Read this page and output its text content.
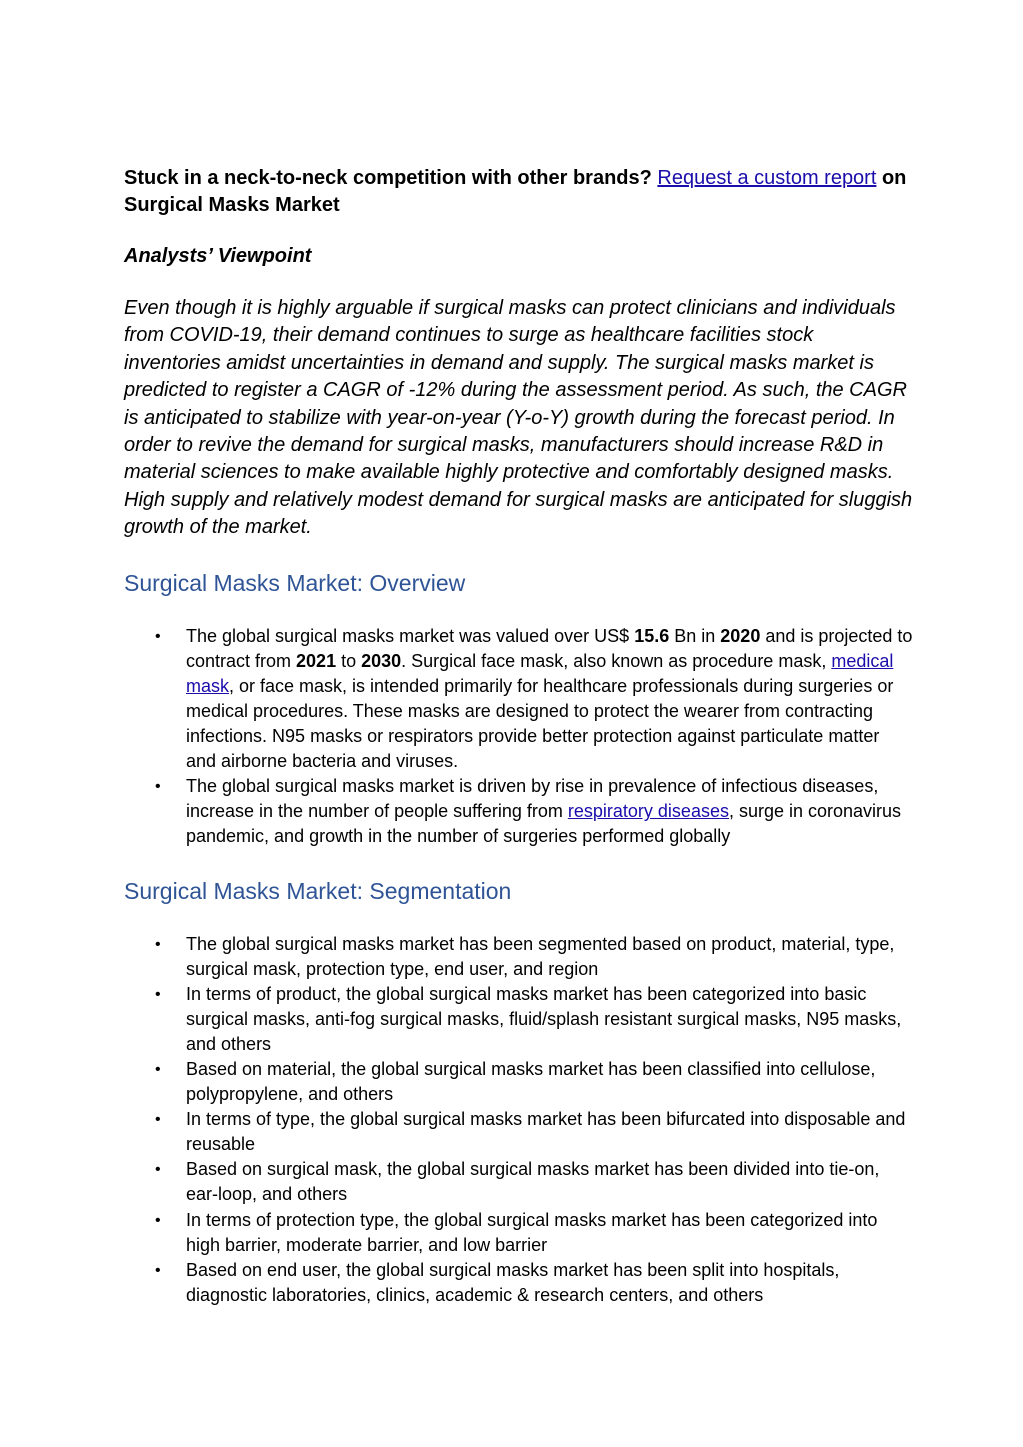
Stuck in a neck-to-neck competition with other brands? Request a custom report on Surgical Masks Market

Analysts’ Viewpoint

Even though it is highly arguable if surgical masks can protect clinicians and individuals from COVID-19, their demand continues to surge as healthcare facilities stock inventories amidst uncertainties in demand and supply. The surgical masks market is predicted to register a CAGR of -12% during the assessment period. As such, the CAGR is anticipated to stabilize with year-on-year (Y-o-Y) growth during the forecast period. In order to revive the demand for surgical masks, manufacturers should increase R&D in material sciences to make available highly protective and comfortably designed masks. High supply and relatively modest demand for surgical masks are anticipated for sluggish growth of the market.

Surgical Masks Market: Overview
• The global surgical masks market was valued over US$ 15.6 Bn in 2020 and is projected to contract from 2021 to 2030. Surgical face mask, also known as procedure mask, medical mask, or face mask, is intended primarily for healthcare professionals during surgeries or medical procedures. These masks are designed to protect the wearer from contracting infections. N95 masks or respirators provide better protection against particulate matter and airborne bacteria and viruses.
• The global surgical masks market is driven by rise in prevalence of infectious diseases, increase in the number of people suffering from respiratory diseases, surge in coronavirus pandemic, and growth in the number of surgeries performed globally
Surgical Masks Market: Segmentation
• The global surgical masks market has been segmented based on product, material, type, surgical mask, protection type, end user, and region
• In terms of product, the global surgical masks market has been categorized into basic surgical masks, anti-fog surgical masks, fluid/splash resistant surgical masks, N95 masks, and others
• Based on material, the global surgical masks market has been classified into cellulose, polypropylene, and others
• In terms of type, the global surgical masks market has been bifurcated into disposable and reusable
• Based on surgical mask, the global surgical masks market has been divided into tie-on, ear-loop, and others
• In terms of protection type, the global surgical masks market has been categorized into high barrier, moderate barrier, and low barrier
• Based on end user, the global surgical masks market has been split into hospitals, diagnostic laboratories, clinics, academic & research centers, and others
